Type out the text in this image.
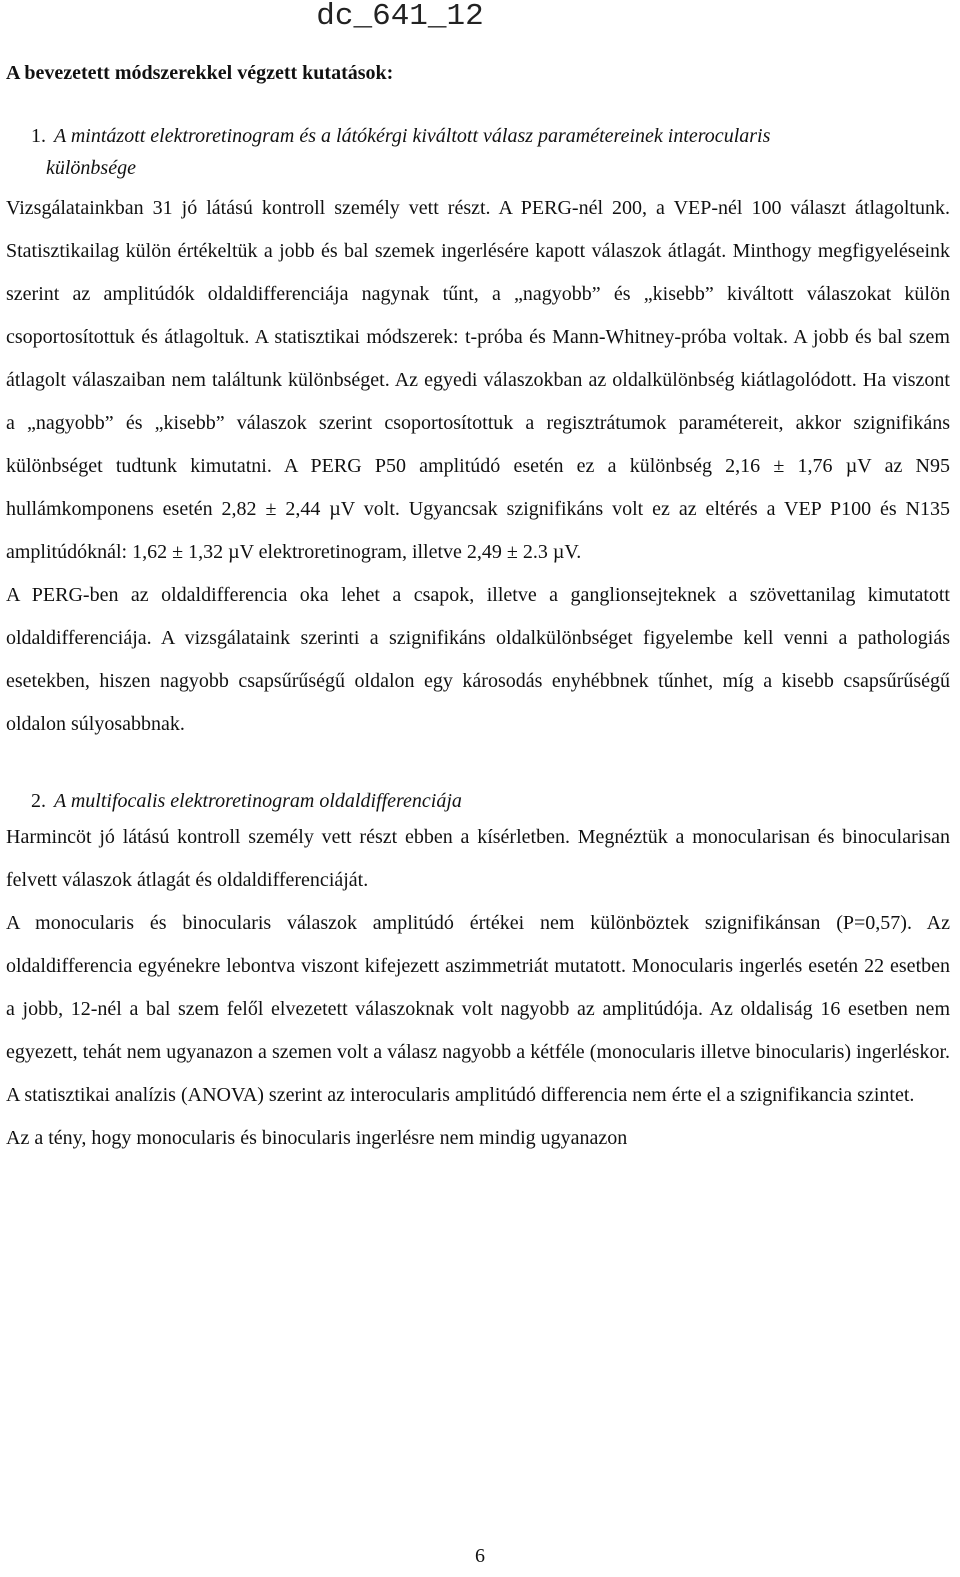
dc_641_12
A bevezetett módszerekkel végzett kutatások:
1. A mintázott elektroretinogram és a látókérgi kiváltott válasz paramétereinek interocularis
különbsége

Vizsgálatainkban 31 jó látású kontroll személy vett részt. A PERG-nél 200, a VEP-nél 100 választ átlagoltunk. Statisztikailag külön értékeltük a jobb és bal szemek ingerlésére kapott válaszok átlagát. Minthogy megfigyeléseink szerint az amplitúdók oldaldifferenciája nagynak tűnt, a „nagyobb” és „kisebb” kiváltott válaszokat külön csoportosítottuk és átlagoltuk. A statisztikai módszerek: t-próba és Mann-Whitney-próba voltak. A jobb és bal szem átlagolt válaszaiban nem találtunk különbséget. Az egyedi válaszokban az oldalkülönbség kiátlagolódott. Ha viszont a „nagyobb” és „kisebb” válaszok szerint csoportosítottuk a regisztrátumok paramétereit, akkor szignifikáns különbséget tudtunk kimutatni. A PERG P50 amplitúdó esetén ez a különbség 2,16 ± 1,76 µV az N95 hullámkomponens esetén 2,82 ± 2,44 µV volt. Ugyancsak szignifikáns volt ez az eltérés a VEP P100 és N135 amplitúdóknál: 1,62 ± 1,32 µV elektroretinogram, illetve 2,49 ± 2.3 µV.

A PERG-ben az oldaldifferencia oka lehet a csapok, illetve a ganglionsejteknek a szövettanilag kimutatott oldaldifferenciája. A vizsgálataink szerinti a szignifikáns oldalkülönbséget figyelembe kell venni a pathologiás esetekben, hiszen nagyobb csapsűrűségű oldalon egy károsodás enyhébbnek tűnhet, míg a kisebb csapsűrűségű oldalon súlyosabbnak.

2. A multifocalis elektroretinogram oldaldifferenciája

Harmincöt jó látású kontroll személy vett részt ebben a kísérletben. Megnéztük a monocularisan és binocularisan felvett válaszok átlagát és oldaldifferenciáját.

A monocularis és binocularis válaszok amplitúdó értékei nem különböztek szignifikánsan (P=0,57). Az oldaldifferencia egyénekre lebontva viszont kifejezett aszimmetriát mutatott. Monocularis ingerlés esetén 22 esetben a jobb, 12-nél a bal szem felől elvezetett válaszoknak volt nagyobb az amplitúdója. Az oldaliság 16 esetben nem egyezett, tehát nem ugyanazon a szemen volt a válasz nagyobb a kétféle (monocularis illetve binocularis) ingerléskor. A statisztikai analízis (ANOVA) szerint az interocularis amplitúdó differencia nem érte el a szignifikancia szintet.

Az a tény, hogy monocularis és binocularis ingerlésre nem mindig ugyanazon

6
